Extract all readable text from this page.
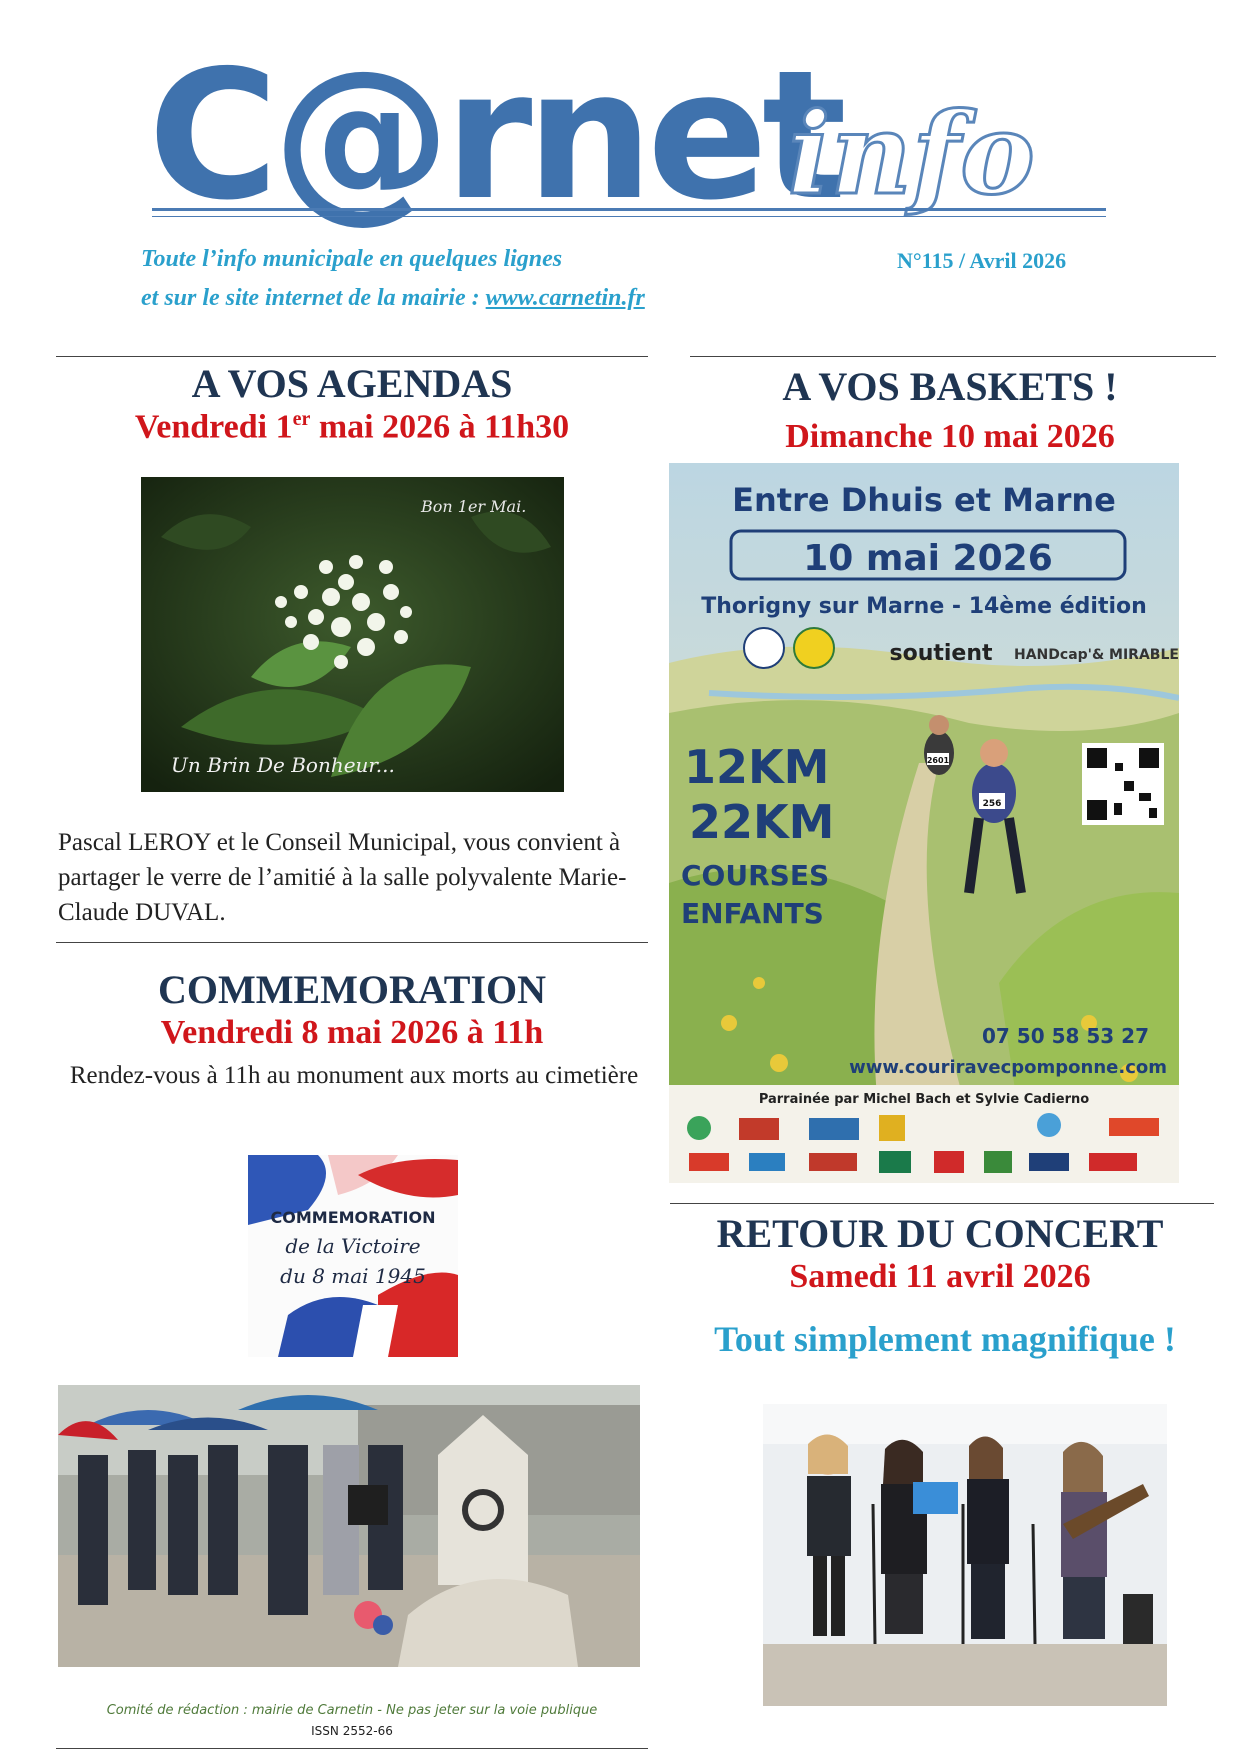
C@rnet
info
Toute l’info municipale en quelques lignes
et sur le site internet de la mairie : www.carnetin.fr
N°115 / Avril 2026
A VOS AGENDAS
Vendredi 1er mai 2026 à 11h30
Bon 1er Mai.
Un Brin De Bonheur...
Pascal LEROY et le Conseil Municipal, vous convient à partager le verre de l’amitié à la salle polyvalente Marie-Claude DUVAL.
COMMEMORATION
Vendredi 8 mai 2026 à 11h
Rendez-vous à 11h au monument aux morts au cimetière
COMMEMORATION
de la Victoire
du 8 mai 1945
Comité de rédaction : mairie de Carnetin - Ne pas jeter sur la voie publique
ISSN 2552-66
A VOS BASKETS !
Dimanche 10 mai 2026
256
2601
Entre Dhuis et Marne
10 mai 2026
Thorigny sur Marne - 14ème édition
soutient HANDcap'& MIRABLE
12KM
22KM
COURSES
ENFANTS
07 50 58 53 27
www.couriravecpomponne.com
Parrainée par Michel Bach et Sylvie Cadierno
RETOUR DU CONCERT
Samedi 11 avril 2026
Tout simplement magnifique !
